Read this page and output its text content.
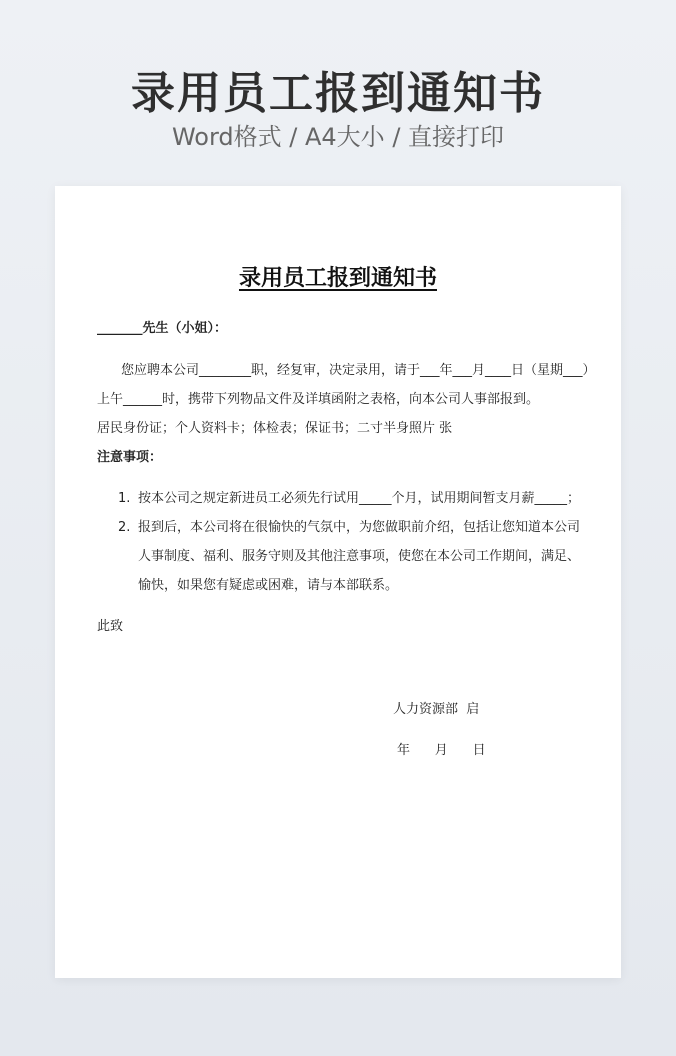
录用员工报到通知书
Word格式 / A4大小 / 直接打印
录用员工报到通知书
_______先生（小姐）：
您应聘本公司________职，经复审，决定录用，请于___年___月____日（星期___）
上午______时，携带下列物品文件及详填函附之表格，向本公司人事部报到。
居民身份证；个人资料卡；体检表；保证书；二寸半身照片 张
注意事项：
1. 按本公司之规定新进员工必须先行试用_____个月，试用期间暂支月薪_____；
2. 报到后，本公司将在很愉快的气氛中，为您做职前介绍，包括让您知道本公司
人事制度、福利、服务守则及其他注意事项，使您在本公司工作期间，满足、
愉快，如果您有疑虑或困难，请与本部联系。
此致
人力资源部  启
年      月      日
